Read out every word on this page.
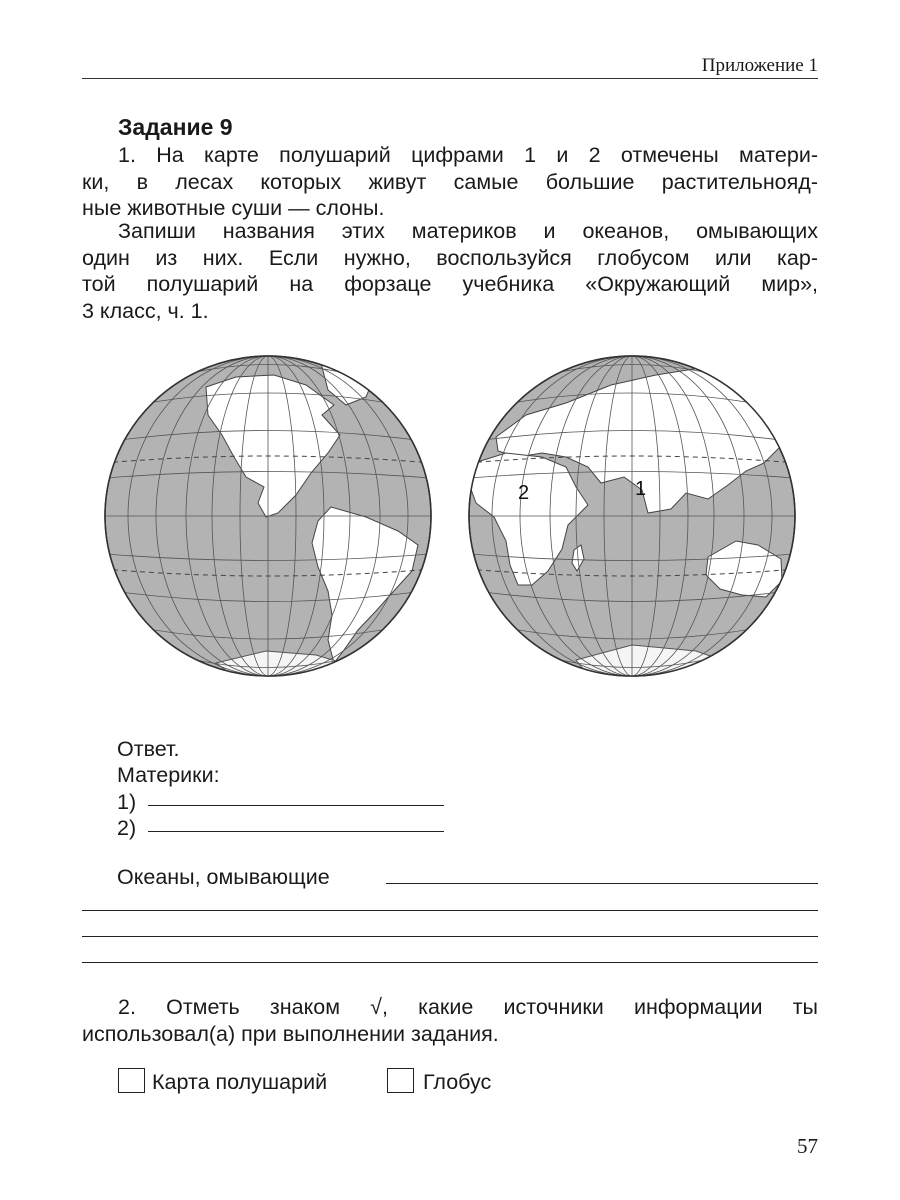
Приложение 1
Задание 9
1. На карте полушарий цифрами 1 и 2 отмечены матери-
ки, в лесах которых живут самые большие растительнояд-
ные животные суши — слоны.
Запиши названия этих материков и океанов, омывающих
один из них. Если нужно, воспользуйся глобусом или кар-
той полушарий на форзаце учебника «Окружающий мир»,
3 класс, ч. 1.
1
2
Ответ.
Материки:
1)
2)
Океаны, омывающие
2. Отметь знаком √, какие источники информации ты
использовал(а) при выполнении задания.
Карта полушарий	Глобус
57
